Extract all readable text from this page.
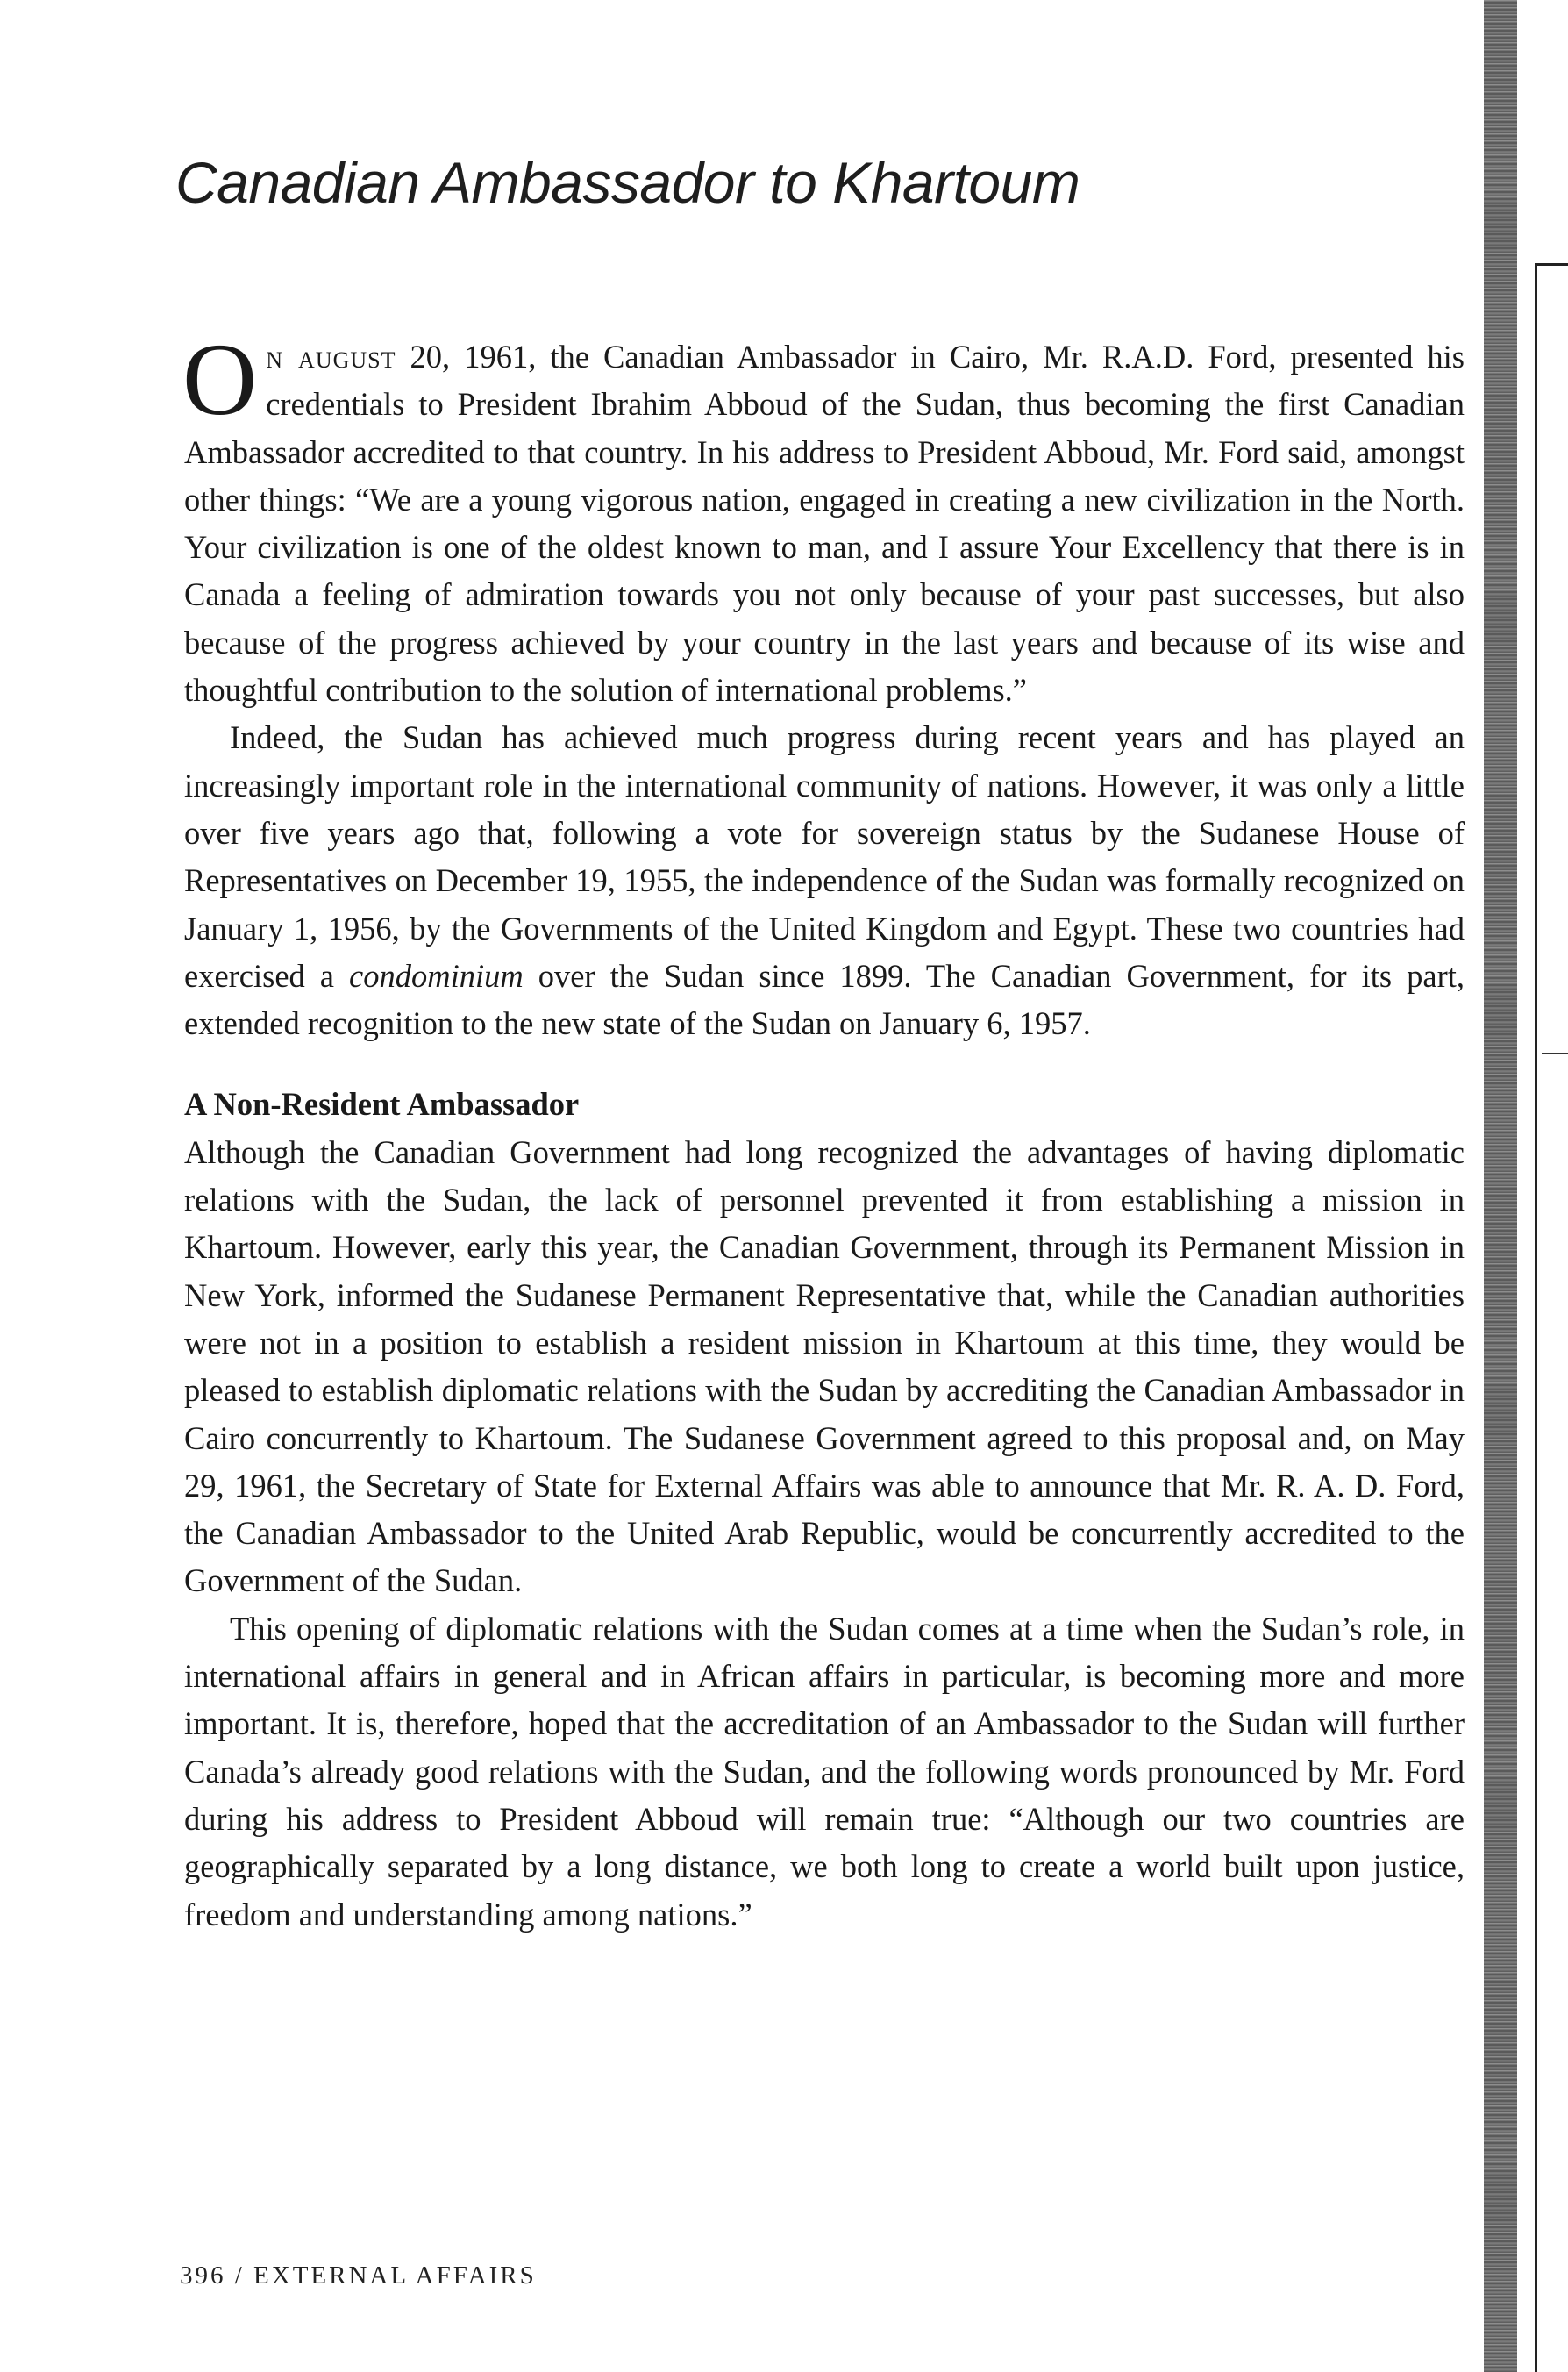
Canadian Ambassador to Khartoum

On august 20, 1961, the Canadian Ambassador in Cairo, Mr. R.A.D. Ford, presented his credentials to President Ibrahim Abboud of the Sudan, thus becoming the first Canadian Ambassador accredited to that country. In his address to President Abboud, Mr. Ford said, amongst other things: “We are a young vigorous nation, engaged in creating a new civilization in the North. Your civilization is one of the oldest known to man, and I assure Your Excellency that there is in Canada a feeling of admiration towards you not only because of your past successes, but also because of the progress achieved by your country in the last years and because of its wise and thoughtful contribution to the solution of international problems.”

Indeed, the Sudan has achieved much progress during recent years and has played an increasingly important role in the international community of nations. However, it was only a little over five years ago that, following a vote for sovereign status by the Sudanese House of Representatives on December 19, 1955, the independence of the Sudan was formally recognized on January 1, 1956, by the Governments of the United Kingdom and Egypt. These two countries had exercised a condominium over the Sudan since 1899. The Canadian Government, for its part, extended recognition to the new state of the Sudan on January 6, 1957.

A Non-Resident Ambassador

Although the Canadian Government had long recognized the advantages of having diplomatic relations with the Sudan, the lack of personnel prevented it from establishing a mission in Khartoum. However, early this year, the Canadian Government, through its Permanent Mission in New York, informed the Sudanese Permanent Representative that, while the Canadian authorities were not in a position to establish a resident mission in Khartoum at this time, they would be pleased to establish diplomatic relations with the Sudan by accrediting the Canadian Ambassador in Cairo concurrently to Khartoum. The Sudanese Government agreed to this proposal and, on May 29, 1961, the Secretary of State for External Affairs was able to announce that Mr. R. A. D. Ford, the Canadian Ambassador to the United Arab Republic, would be concurrently accredited to the Government of the Sudan.

This opening of diplomatic relations with the Sudan comes at a time when the Sudan’s role, in international affairs in general and in African affairs in particular, is becoming more and more important. It is, therefore, hoped that the accreditation of an Ambassador to the Sudan will further Canada’s already good relations with the Sudan, and the following words pronounced by Mr. Ford during his address to President Abboud will remain true: “Although our two countries are geographically separated by a long distance, we both long to create a world built upon justice, freedom and understanding among nations.”

396 / EXTERNAL AFFAIRS
